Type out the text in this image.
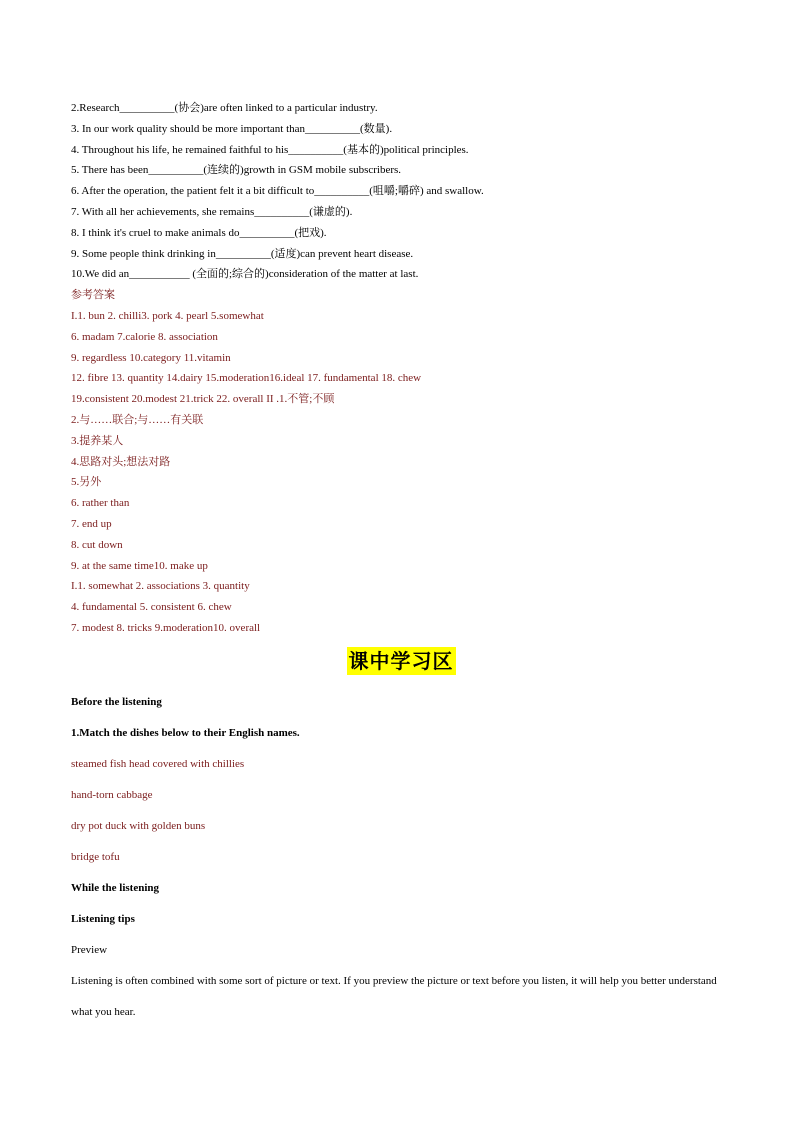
2.Research__________(协会)are often linked to a particular industry.
3. In our work quality should be more important than__________(数量).
4. Throughout his life, he remained faithful to his__________(基本的)political principles.
5. There has been__________(连续的)growth in GSM mobile subscribers.
6. After the operation, the patient felt it a bit difficult to__________(咀嚼;嚼碎) and swallow.
7. With all her achievements, she remains__________(谦虚的).
8. I think it's cruel to make animals do__________(把戏).
9. Some people think drinking in__________(适度)can prevent heart disease.
10.We did an___________ (全面的;综合的)consideration of the matter at last.
参考答案
I.1. bun 2. chilli3. pork 4. pearl 5.somewhat
6. madam 7.calorie 8. association
9. regardless 10.category 11.vitamin
12. fibre 13. quantity 14.dairy 15.moderation16.ideal 17. fundamental 18. chew
19.consistent 20.modest 21.trick 22. overall II .1.不管;不顾
2.与……联合;与……有关联
3.提养某人
4.思路对头;想法对路
5.另外
6. rather than
7. end up
8. cut down
9. at the same time10. make up
I.1. somewhat 2. associations 3. quantity
4. fundamental 5. consistent 6. chew
7. modest 8. tricks 9.moderation10. overall
课中学习区
Before the listening
1.Match the dishes below to their English names.
steamed fish head covered with chillies
hand-torn cabbage
dry pot duck with golden buns
bridge tofu
While the listening
Listening tips
Preview
Listening is often combined with some sort of picture or text. If you preview the picture or text before you listen, it will help you better understand what you hear.
